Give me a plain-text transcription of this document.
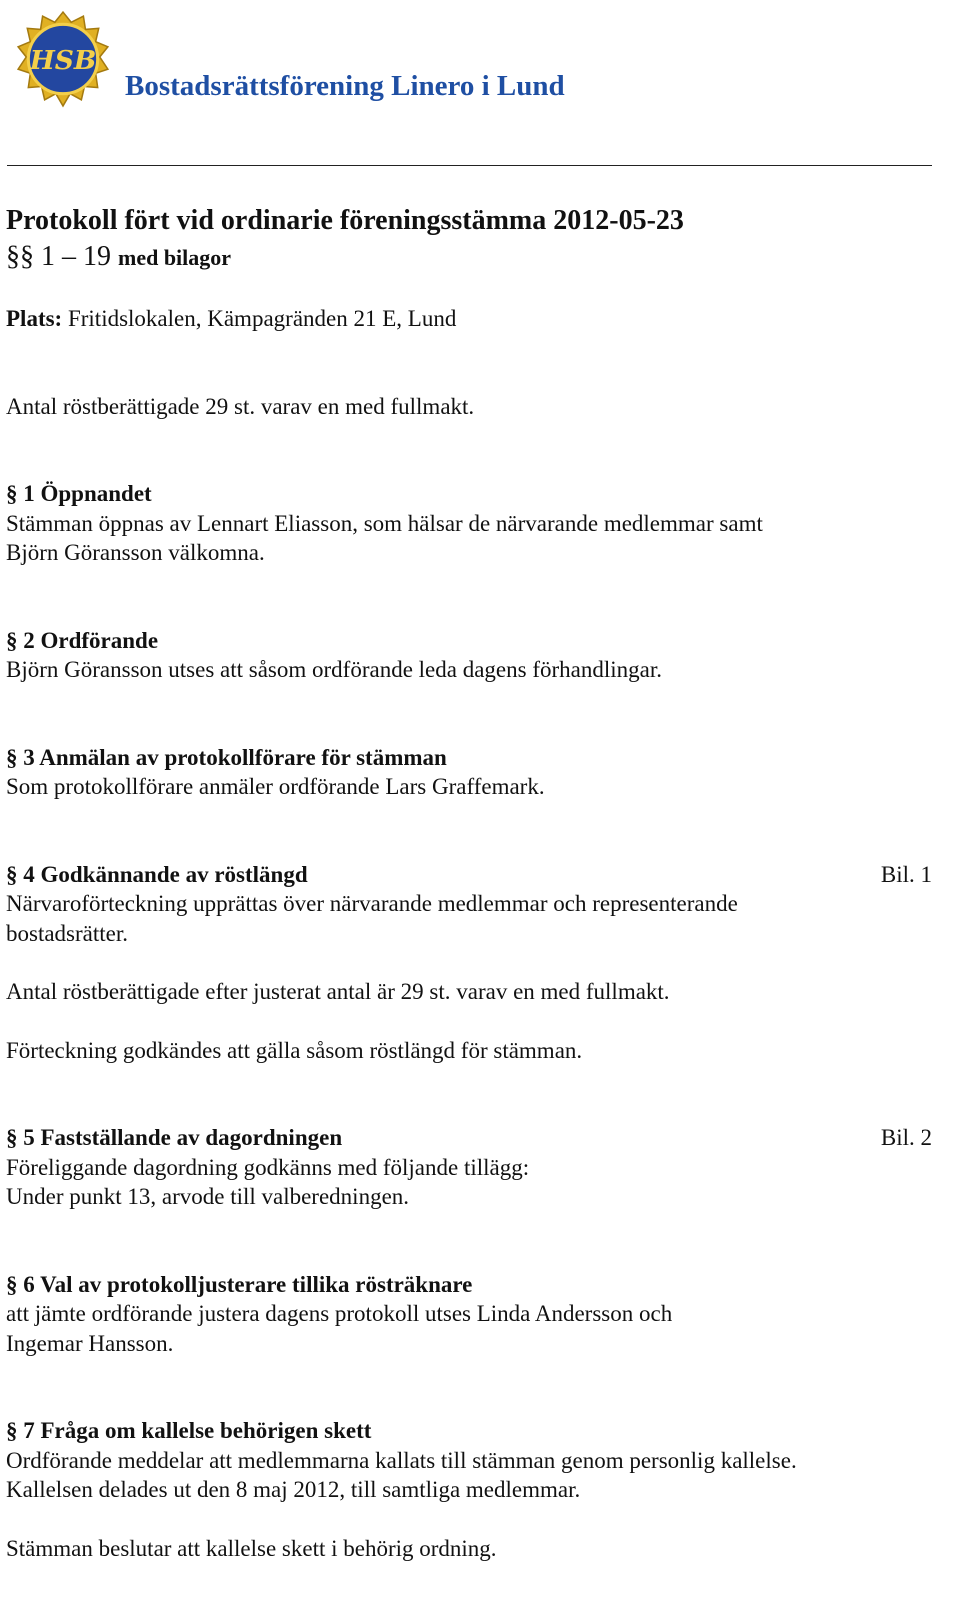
HSB
Bostadsrättsförening Linero i Lund
Protokoll fört vid ordinarie föreningsstämma 2012-05-23
§§ 1 – 19 med bilagor

Plats: Fritidslokalen, Kämpagränden 21 E, Lund

Antal röstberättigade 29 st. varav en med fullmakt.

§ 1 Öppnandet

Stämman öppnas av Lennart Eliasson, som hälsar de närvarande medlemmar samt

Björn Göransson välkomna.

§ 2 Ordförande

Björn Göransson utses att såsom ordförande leda dagens förhandlingar.

§ 3 Anmälan av protokollförare för stämman

Som protokollförare anmäler ordförande Lars Graffemark.

§ 4 Godkännande av röstlängd	Bil. 1

Närvaroförteckning upprättas över närvarande medlemmar och representerande

bostadsrätter.

Antal röstberättigade efter justerat antal är 29 st. varav en med fullmakt.

Förteckning godkändes att gälla såsom röstlängd för stämman.

§ 5 Fastställande av dagordningen	Bil. 2

Föreliggande dagordning godkänns med följande tillägg:

Under punkt 13, arvode till valberedningen.

§ 6 Val av protokolljusterare tillika rösträknare

att jämte ordförande justera dagens protokoll utses Linda Andersson och

Ingemar Hansson.

§ 7 Fråga om kallelse behörigen skett

Ordförande meddelar att medlemmarna kallats till stämman genom personlig kallelse.

Kallelsen delades ut den 8 maj 2012, till samtliga medlemmar.

Stämman beslutar att kallelse skett i behörig ordning.
